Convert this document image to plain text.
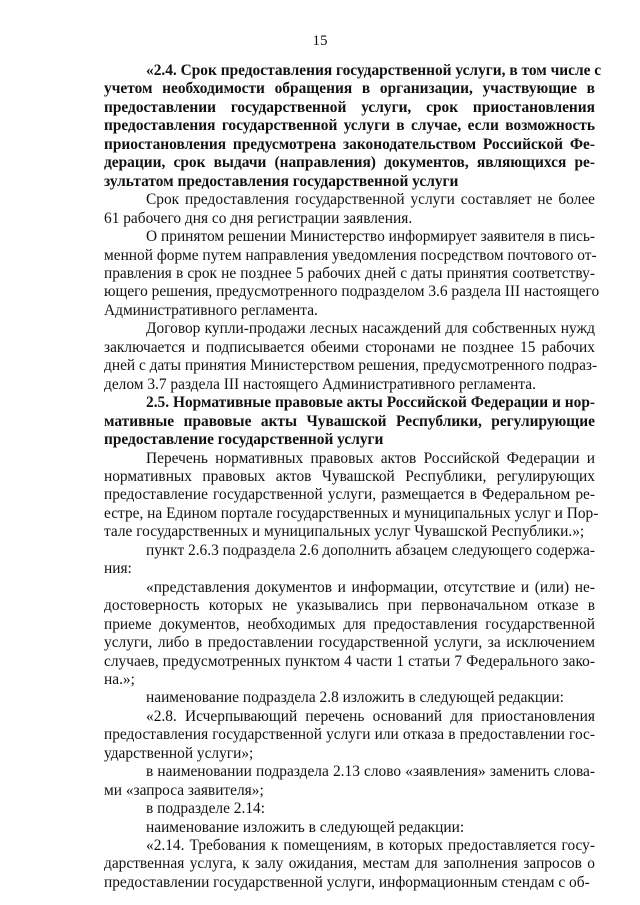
15

«2.4. Срок предоставления государственной услуги, в том числе с
учетом необходимости обращения в организации, участвующие в
предоставлении государственной услуги, срок приостановления
предоставления государственной услуги в случае, если возможность
приостановления предусмотрена законодательством Российской Фе-
дерации, срок выдачи (направления) документов, являющихся ре-
зультатом предоставления государственной услуги

Срок предоставления государственной услуги составляет не более
61 рабочего дня со дня регистрации заявления.

О принятом решении Министерство информирует заявителя в пись-
менной форме путем направления уведомления посредством почтового от-
правления в срок не позднее 5 рабочих дней с даты принятия соответству-
ющего решения, предусмотренного подразделом 3.6 раздела III настоящего
Административного регламента.

Договор купли-продажи лесных насаждений для собственных нужд
заключается и подписывается обеими сторонами не позднее 15 рабочих
дней с даты принятия Министерством решения, предусмотренного подраз-
делом 3.7 раздела III настоящего Административного регламента.

2.5. Нормативные правовые акты Российской Федерации и нор-
мативные правовые акты Чувашской Республики, регулирующие
предоставление государственной услуги

Перечень нормативных правовых актов Российской Федерации и
нормативных правовых актов Чувашской Республики, регулирующих
предоставление государственной услуги, размещается в Федеральном ре-
естре, на Едином портале государственных и муниципальных услуг и Пор-
тале государственных и муниципальных услуг Чувашской Республики.»;

пункт 2.6.3 подраздела 2.6 дополнить абзацем следующего содержа-
ния:

«представления документов и информации, отсутствие и (или) не-
достоверность которых не указывались при первоначальном отказе в
приеме документов, необходимых для предоставления государственной
услуги, либо в предоставлении государственной услуги, за исключением
случаев, предусмотренных пунктом 4 части 1 статьи 7 Федерального зако-
на.»;

наименование подраздела 2.8 изложить в следующей редакции:

«2.8. Исчерпывающий перечень оснований для приостановления
предоставления государственной услуги или отказа в предоставлении гос-
ударственной услуги»;

в наименовании подраздела 2.13 слово «заявления» заменить слова-
ми «запроса заявителя»;

в подразделе 2.14:

наименование изложить в следующей редакции:

«2.14. Требования к помещениям, в которых предоставляется госу-
дарственная услуга, к залу ожидания, местам для заполнения запросов о
предоставлении государственной услуги, информационным стендам с об-
